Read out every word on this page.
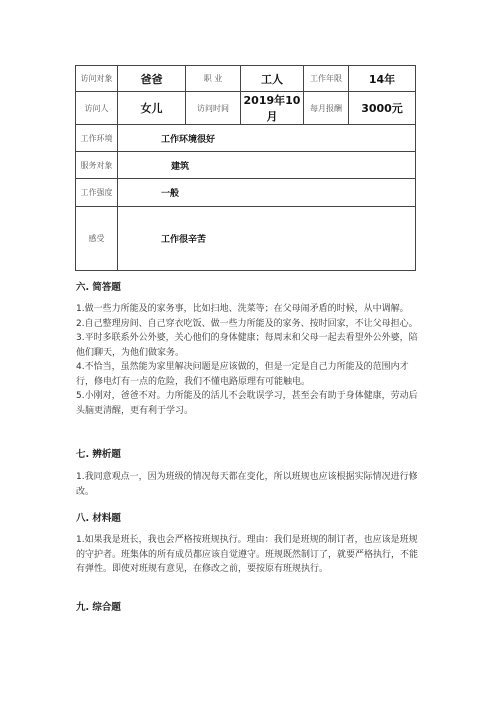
访问对象	爸爸	职 业	工人	工作年限	14年
访问人	女儿	访问时间	2019年10月	每月报酬	3000元
工作环境	工作环境很好				
服务对象	建筑				
工作强度	一般				
感受	工作很辛苦				
六. 简答题

1.做一些力所能及的家务事，比如扫地、洗菜等；在父母闹矛盾的时候，从中调解。

2.自己整理房间、自己穿衣吃饭、做一些力所能及的家务、按时回家，不让父母担心。

3.平时多联系外公外婆，关心他们的身体健康；每周末和父母一起去看望外公外婆，陪他们聊天，为他们做家务。

4.不恰当，虽然能为家里解决问题是应该做的，但是一定是自己力所能及的范围内才行，修电灯有一点的危险，我们不懂电路原理有可能触电。

5.小刚对，爸爸不对。力所能及的活儿不会耽误学习，甚至会有助于身体健康，劳动后头脑更清醒，更有利于学习。

七. 辨析题

1.我同意观点一，因为班级的情况每天都在变化，所以班规也应该根据实际情况进行修改。

八. 材料题

1.如果我是班长，我也会严格按班规执行。理由：我们是班规的制订者，也应该是班规的守护者。班集体的所有成员都应该自觉遵守。班规既然制订了，就要严格执行，不能有弹性。即使对班规有意见，在修改之前，要按原有班规执行。

九. 综合题
